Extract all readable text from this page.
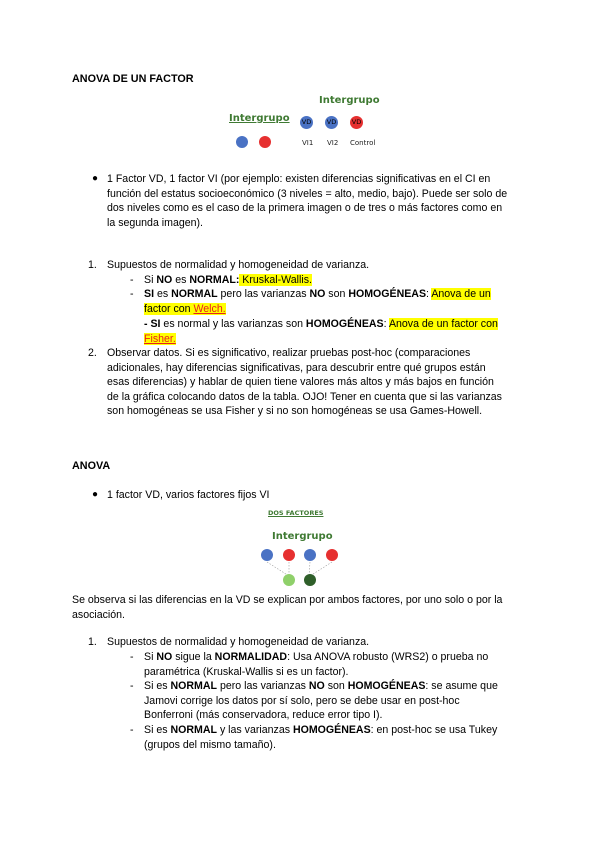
ANOVA DE UN FACTOR
Intergrupo
Intergrupo
VD VD VD
VI1 VI2 Control
● 1 Factor VD, 1 factor VI (por ejemplo: existen diferencias significativas en el CI en
función del estatus socioeconómico (3 niveles = alto, medio, bajo). Puede ser solo de
dos niveles como es el caso de la primera imagen o de tres o más factores como en
la segunda imagen).
1. Supuestos de normalidad y homogeneidad de varianza.
- Si NO es NORMAL: Kruskal-Wallis.
- SI es NORMAL pero las varianzas NO son HOMOGÉNEAS: Anova de un
factor con Welch.
- SI es normal y las varianzas son HOMOGÉNEAS: Anova de un factor con
Fisher.
2. Observar datos. Si es significativo, realizar pruebas post-hoc (comparaciones
adicionales, hay diferencias significativas, para descubrir entre qué grupos están
esas diferencias) y hablar de quien tiene valores más altos y más bajos en función
de la gráfica colocando datos de la tabla. OJO! Tener en cuenta que si las varianzas
son homogéneas se usa Fisher y si no son homogéneas se usa Games-Howell.
ANOVA
● 1 factor VD, varios factores fijos VI
DOS FACTORES
Intergrupo
Se observa si las diferencias en la VD se explican por ambos factores, por uno solo o por la
asociación.
1. Supuestos de normalidad y homogeneidad de varianza.
- Si NO sigue la NORMALIDAD: Usa ANOVA robusto (WRS2) o prueba no
paramétrica (Kruskal-Wallis si es un factor).
- Si es NORMAL pero las varianzas NO son HOMOGÉNEAS: se asume que
Jamovi corrige los datos por sí solo, pero se debe usar en post-hoc
Bonferroni (más conservadora, reduce error tipo I).
- Si es NORMAL y las varianzas HOMOGÉNEAS: en post-hoc se usa Tukey
(grupos del mismo tamaño).
